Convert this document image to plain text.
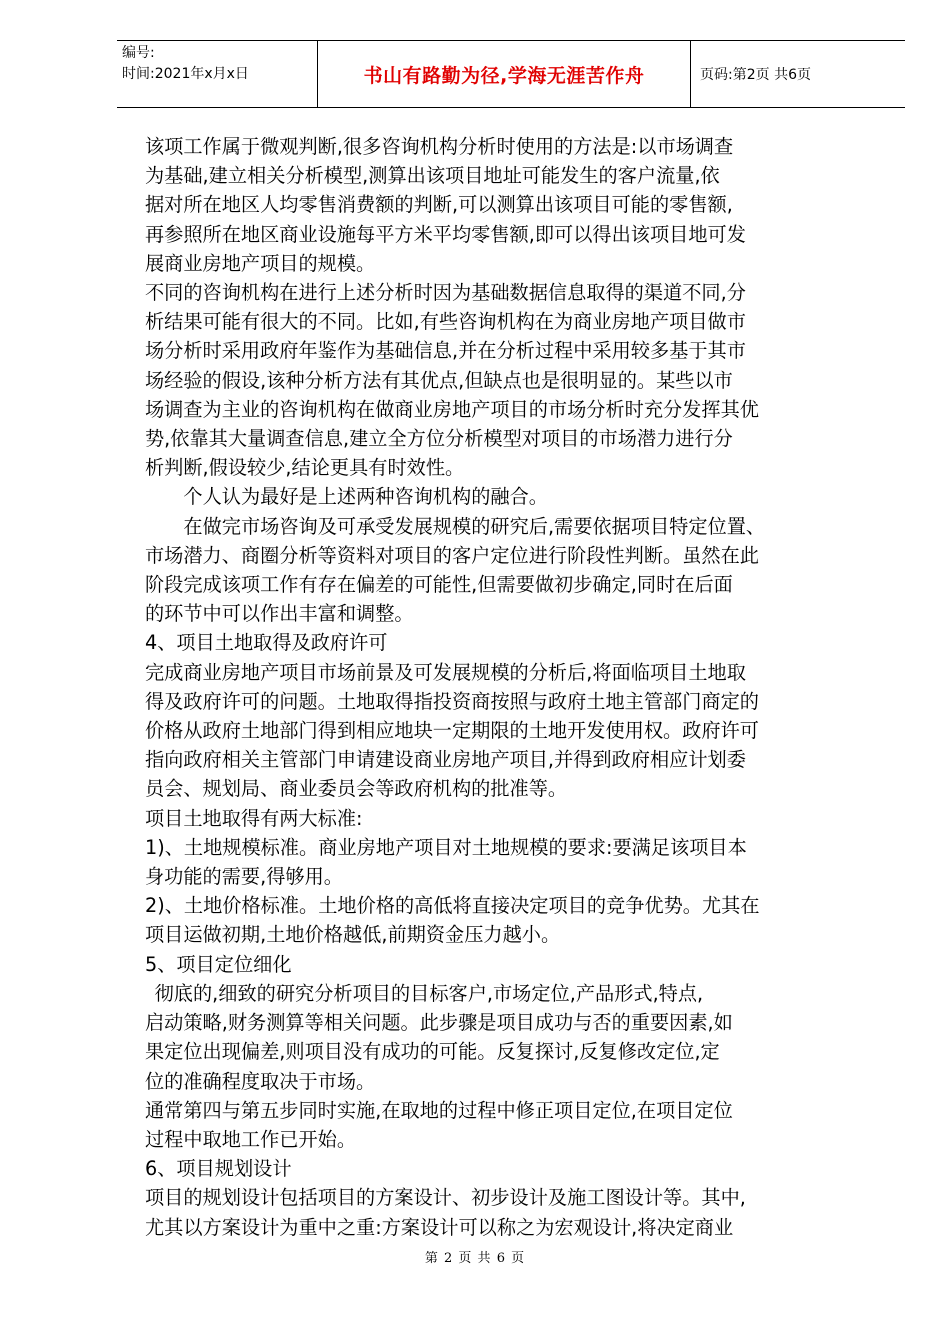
编号:
时间:2021年x月x日	书山有路勤为径,学海无涯苦作舟	页码:第2页 共6页

该项工作属于微观判断,很多咨询机构分析时使用的方法是:以市场调查

为基础,建立相关分析模型,测算出该项目地址可能发生的客户流量,依

据对所在地区人均零售消费额的判断,可以测算出该项目可能的零售额,

再参照所在地区商业设施每平方米平均零售额,即可以得出该项目地可发

展商业房地产项目的规模。

不同的咨询机构在进行上述分析时因为基础数据信息取得的渠道不同,分

析结果可能有很大的不同。比如,有些咨询机构在为商业房地产项目做市

场分析时采用政府年鉴作为基础信息,并在分析过程中采用较多基于其市

场经验的假设,该种分析方法有其优点,但缺点也是很明显的。某些以市

场调查为主业的咨询机构在做商业房地产项目的市场分析时充分发挥其优

势,依靠其大量调查信息,建立全方位分析模型对项目的市场潜力进行分

析判断,假设较少,结论更具有时效性。

个人认为最好是上述两种咨询机构的融合。

在做完市场咨询及可承受发展规模的研究后,需要依据项目特定位置、

市场潜力、商圈分析等资料对项目的客户定位进行阶段性判断。虽然在此

阶段完成该项工作有存在偏差的可能性,但需要做初步确定,同时在后面

的环节中可以作出丰富和调整。

4、项目土地取得及政府许可

完成商业房地产项目市场前景及可发展规模的分析后,将面临项目土地取

得及政府许可的问题。土地取得指投资商按照与政府土地主管部门商定的

价格从政府土地部门得到相应地块一定期限的土地开发使用权。政府许可

指向政府相关主管部门申请建设商业房地产项目,并得到政府相应计划委

员会、规划局、商业委员会等政府机构的批准等。

项目土地取得有两大标准:

1)、土地规模标准。商业房地产项目对土地规模的要求:要满足该项目本

身功能的需要,得够用。

2)、土地价格标准。土地价格的高低将直接决定项目的竞争优势。尤其在

项目运做初期,土地价格越低,前期资金压力越小。

5、项目定位细化

彻底的,细致的研究分析项目的目标客户,市场定位,产品形式,特点,

启动策略,财务测算等相关问题。此步骤是项目成功与否的重要因素,如

果定位出现偏差,则项目没有成功的可能。反复探讨,反复修改定位,定

位的准确程度取决于市场。

通常第四与第五步同时实施,在取地的过程中修正项目定位,在项目定位

过程中取地工作已开始。

6、项目规划设计

项目的规划设计包括项目的方案设计、初步设计及施工图设计等。其中,

尤其以方案设计为重中之重:方案设计可以称之为宏观设计,将决定商业

第 2 页 共 6 页
